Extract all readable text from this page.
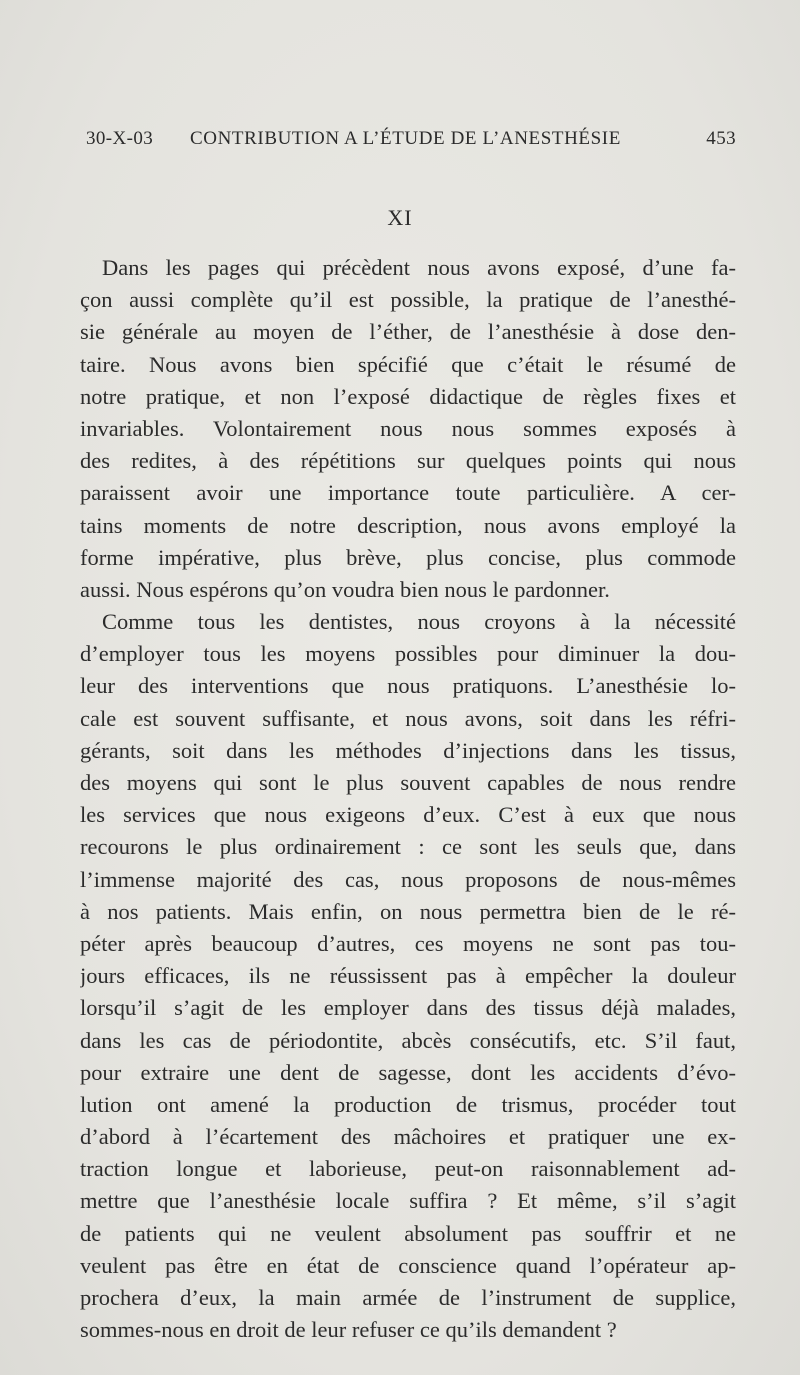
30-X-03 CONTRIBUTION A L’ÉTUDE DE L’ANESTHÉSIE	453
XI
Dans les pages qui précèdent nous avons exposé, d’une fa-
çon aussi complète qu’il est possible, la pratique de l’anesthé-
sie générale au moyen de l’éther, de l’anesthésie à dose den-
taire. Nous avons bien spécifié que c’était le résumé de
notre pratique, et non l’exposé didactique de règles fixes et
invariables. Volontairement nous nous sommes exposés à
des redites, à des répétitions sur quelques points qui nous
paraissent avoir une importance toute particulière. A cer-
tains moments de notre description, nous avons employé la
forme impérative, plus brève, plus concise, plus commode
aussi. Nous espérons qu’on voudra bien nous le pardonner.
Comme tous les dentistes, nous croyons à la nécessité
d’employer tous les moyens possibles pour diminuer la dou-
leur des interventions que nous pratiquons. L’anesthésie lo-
cale est souvent suffisante, et nous avons, soit dans les réfri-
gérants, soit dans les méthodes d’injections dans les tissus,
des moyens qui sont le plus souvent capables de nous rendre
les services que nous exigeons d’eux. C’est à eux que nous
recourons le plus ordinairement : ce sont les seuls que, dans
l’immense majorité des cas, nous proposons de nous-mêmes
à nos patients. Mais enfin, on nous permettra bien de le ré-
péter après beaucoup d’autres, ces moyens ne sont pas tou-
jours efficaces, ils ne réussissent pas à empêcher la douleur
lorsqu’il s’agit de les employer dans des tissus déjà malades,
dans les cas de périodontite, abcès consécutifs, etc. S’il faut,
pour extraire une dent de sagesse, dont les accidents d’évo-
lution ont amené la production de trismus, procéder tout
d’abord à l’écartement des mâchoires et pratiquer une ex-
traction longue et laborieuse, peut-on raisonnablement ad-
mettre que l’anesthésie locale suffira ? Et même, s’il s’agit
de patients qui ne veulent absolument pas souffrir et ne
veulent pas être en état de conscience quand l’opérateur ap-
prochera d’eux, la main armée de l’instrument de supplice,
sommes-nous en droit de leur refuser ce qu’ils demandent ?
